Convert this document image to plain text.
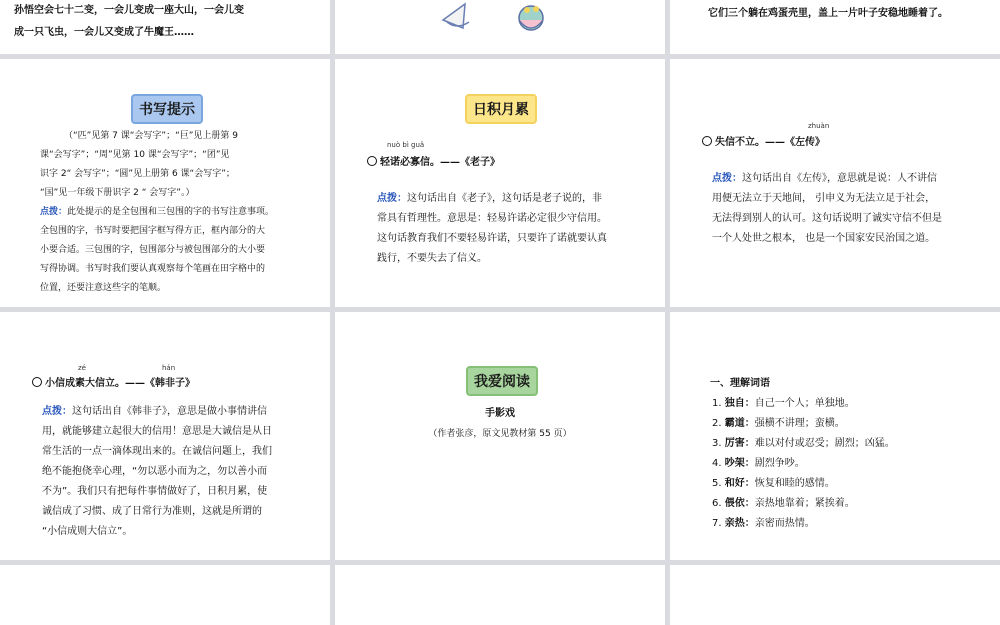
孙悟空会七十二变，一会儿变成一座大山，一会儿变
成一只飞虫，一会儿又变成了牛魔王……
它们三个躺在鸡蛋壳里，盖上一片叶子安稳地睡着了。
书写提示
（“匹”见第 7 课“会写字”；“巨”见上册第 9
课“会写字”；“周”见第 10 课“会写字”；“团”见
识字 2“ 会写字”；“圆”见上册第 6 课“会写字”；
“国”见一年级下册识字 2 “ 会写字”。）
点拨：此处提示的是全包围和三包围的字的书写注意事项。
全包围的字，书写时要把国字框写得方正，框内部分的大
小要合适。三包围的字，包围部分与被包围部分的大小要
写得协调。书写时我们要认真观察每个笔画在田字格中的
位置，还要注意这些字的笔顺。
日积月累
nuò bì guǎ
轻诺必寡信。——《老子》
点拨：这句话出自《老子》，这句话是老子说的，非
常具有哲理性。意思是：轻易许诺必定很少守信用。
这句话教育我们不要轻易许诺，只要许了诺就要认真
践行，不要失去了信义。
zhuàn
失信不立。——《左传》
点拨：这句话出自《左传》，意思就是说：人不讲信
用便无法立于天地间， 引申义为无法立足于社会，
无法得到别人的认可。这句话说明了诚实守信不但是
一个人处世之根本， 也是一个国家安民治国之道。
zé	hán
小信成素大信立。——《韩非子》
点拨：这句话出自《韩非子》，意思是做小事情讲信
用，就能够建立起很大的信用！意思是大诚信是从日
常生活的一点一滴体现出来的。在诚信问题上，我们
绝不能抱侥幸心理，“勿以恶小而为之，勿以善小而
不为”。我们只有把每件事情做好了，日积月累，使
诚信成了习惯、成了日常行为准则，这就是所谓的
“小信成则大信立”。
我爱阅读
手影戏
（作者张彦，原文见教材第 55 页）
一、理解词语
1. 独自：自己一个人；单独地。
2. 霸道：强横不讲理；蛮横。
3. 厉害：难以对付或忍受；剧烈；凶猛。
4. 吵架：剧烈争吵。
5. 和好：恢复和睦的感情。
6. 偎依：亲热地靠着；紧挨着。
7. 亲热：亲密而热情。
